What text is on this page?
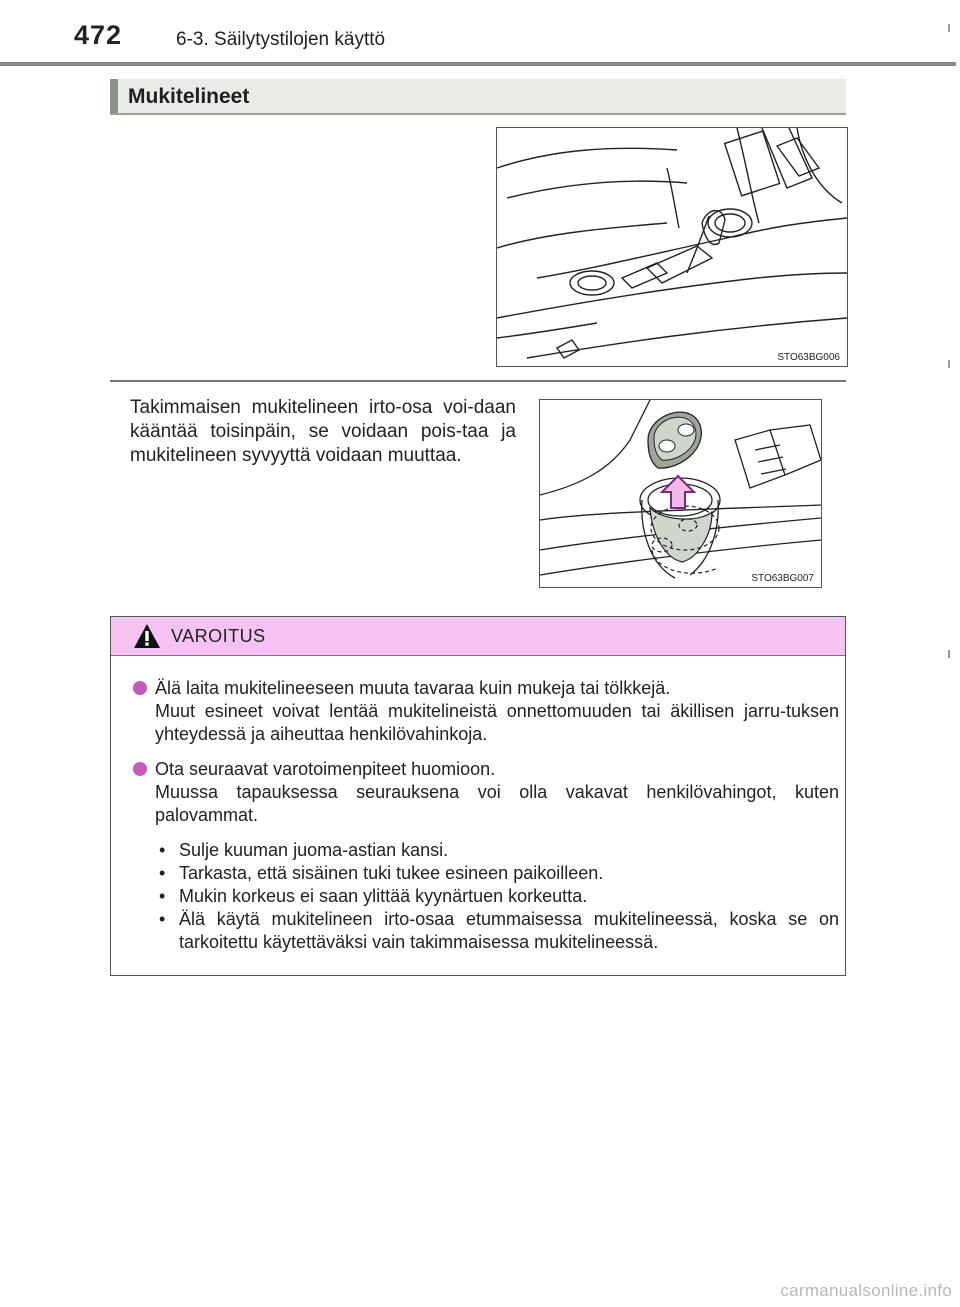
472	6-3. Säilytystilojen käyttö
Mukitelineet
STO63BG006
Takimmaisen mukitelineen irto-osa voi-daan kääntää toisinpäin, se voidaan pois-taa ja mukitelineen syvyyttä voidaan muuttaa.
STO63BG007
VAROITUS
Älä laita mukitelineeseen muuta tavaraa kuin mukeja tai tölkkejä.
Muut esineet voivat lentää mukitelineistä onnettomuuden tai äkillisen jarru-tuksen yhteydessä ja aiheuttaa henkilövahinkoja.
Ota seuraavat varotoimenpiteet huomioon.
Muussa tapauksessa seurauksena voi olla vakavat henkilövahingot, kuten palovammat.
• Sulje kuuman juoma-astian kansi.
• Tarkasta, että sisäinen tuki tukee esineen paikoilleen.
• Mukin korkeus ei saan ylittää kyynärtuen korkeutta.
• Älä käytä mukitelineen irto-osaa etummaisessa mukitelineessä, koska se on tarkoitettu käytettäväksi vain takimmaisessa mukitelineessä.
carmanualsonline.info
